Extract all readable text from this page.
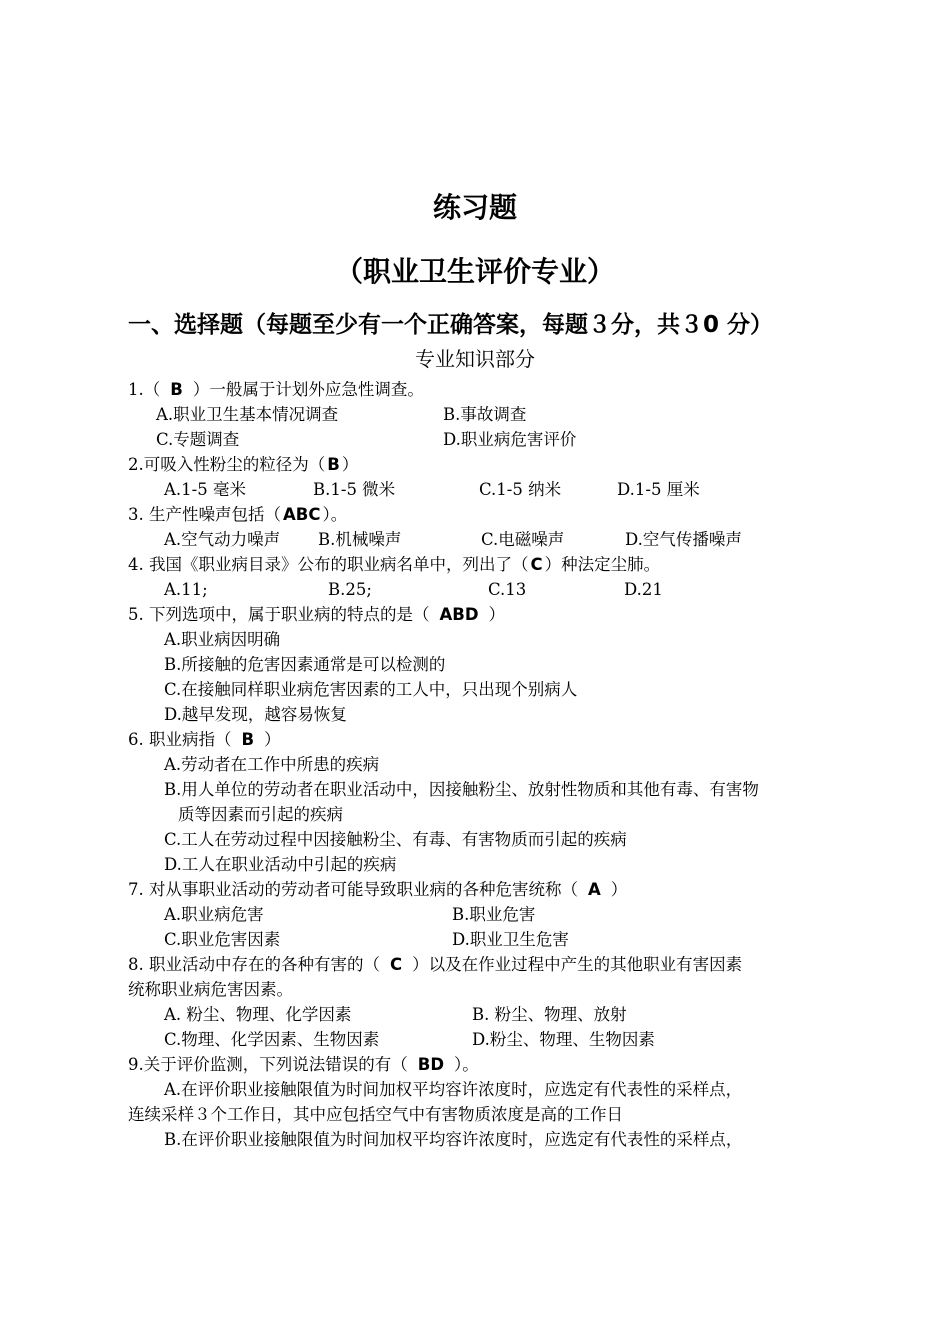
练习题
（职业卫生评价专业）
一、选择题（每题至少有一个正确答案，每题３分，共３0 分）
专业知识部分
1.（ B ）一般属于计划外应急性调查。
A.职业卫生基本情况调查	B.事故调查
C.专题调查	D.职业病危害评价
2.可吸入性粉尘的粒径为（ B ）
A.1-5 毫米	B.1-5 微米	C.1-5 纳米	D.1-5 厘米
3. 生产性噪声包括（ ABC ）。
A.空气动力噪声 B.机械噪声	C.电磁噪声	D.空气传播噪声
4. 我国《职业病目录》公布的职业病名单中，列出了（ C ）种法定尘肺。
A.11;	B.25;	C.13	D.21
5. 下列选项中，属于职业病的特点的是（ ABD ）
A.职业病因明确
B.所接触的危害因素通常是可以检测的
C.在接触同样职业病危害因素的工人中，只出现个别病人
D.越早发现，越容易恢复
6. 职业病指（ B ）
A.劳动者在工作中所患的疾病
B.用人单位的劳动者在职业活动中，因接触粉尘、放射性物质和其他有毒、有害物
质等因素而引起的疾病
C.工人在劳动过程中因接触粉尘、有毒、有害物质而引起的疾病
D.工人在职业活动中引起的疾病
7. 对从事职业活动的劳动者可能导致职业病的各种危害统称（ A ）
A.职业病危害	B.职业危害
C.职业危害因素	D.职业卫生危害
8. 职业活动中存在的各种有害的（ C ）以及在作业过程中产生的其他职业有害因素
统称职业病危害因素。
A. 粉尘、物理、化学因素	B. 粉尘、物理、放射
C.物理、化学因素、生物因素	D.粉尘、物理、生物因素
9.关于评价监测，下列说法错误的有（ BD ）。
A.在评价职业接触限值为时间加权平均容许浓度时，应选定有代表性的采样点，
连续采样３个工作日，其中应包括空气中有害物质浓度是高的工作日
B.在评价职业接触限值为时间加权平均容许浓度时，应选定有代表性的采样点，
